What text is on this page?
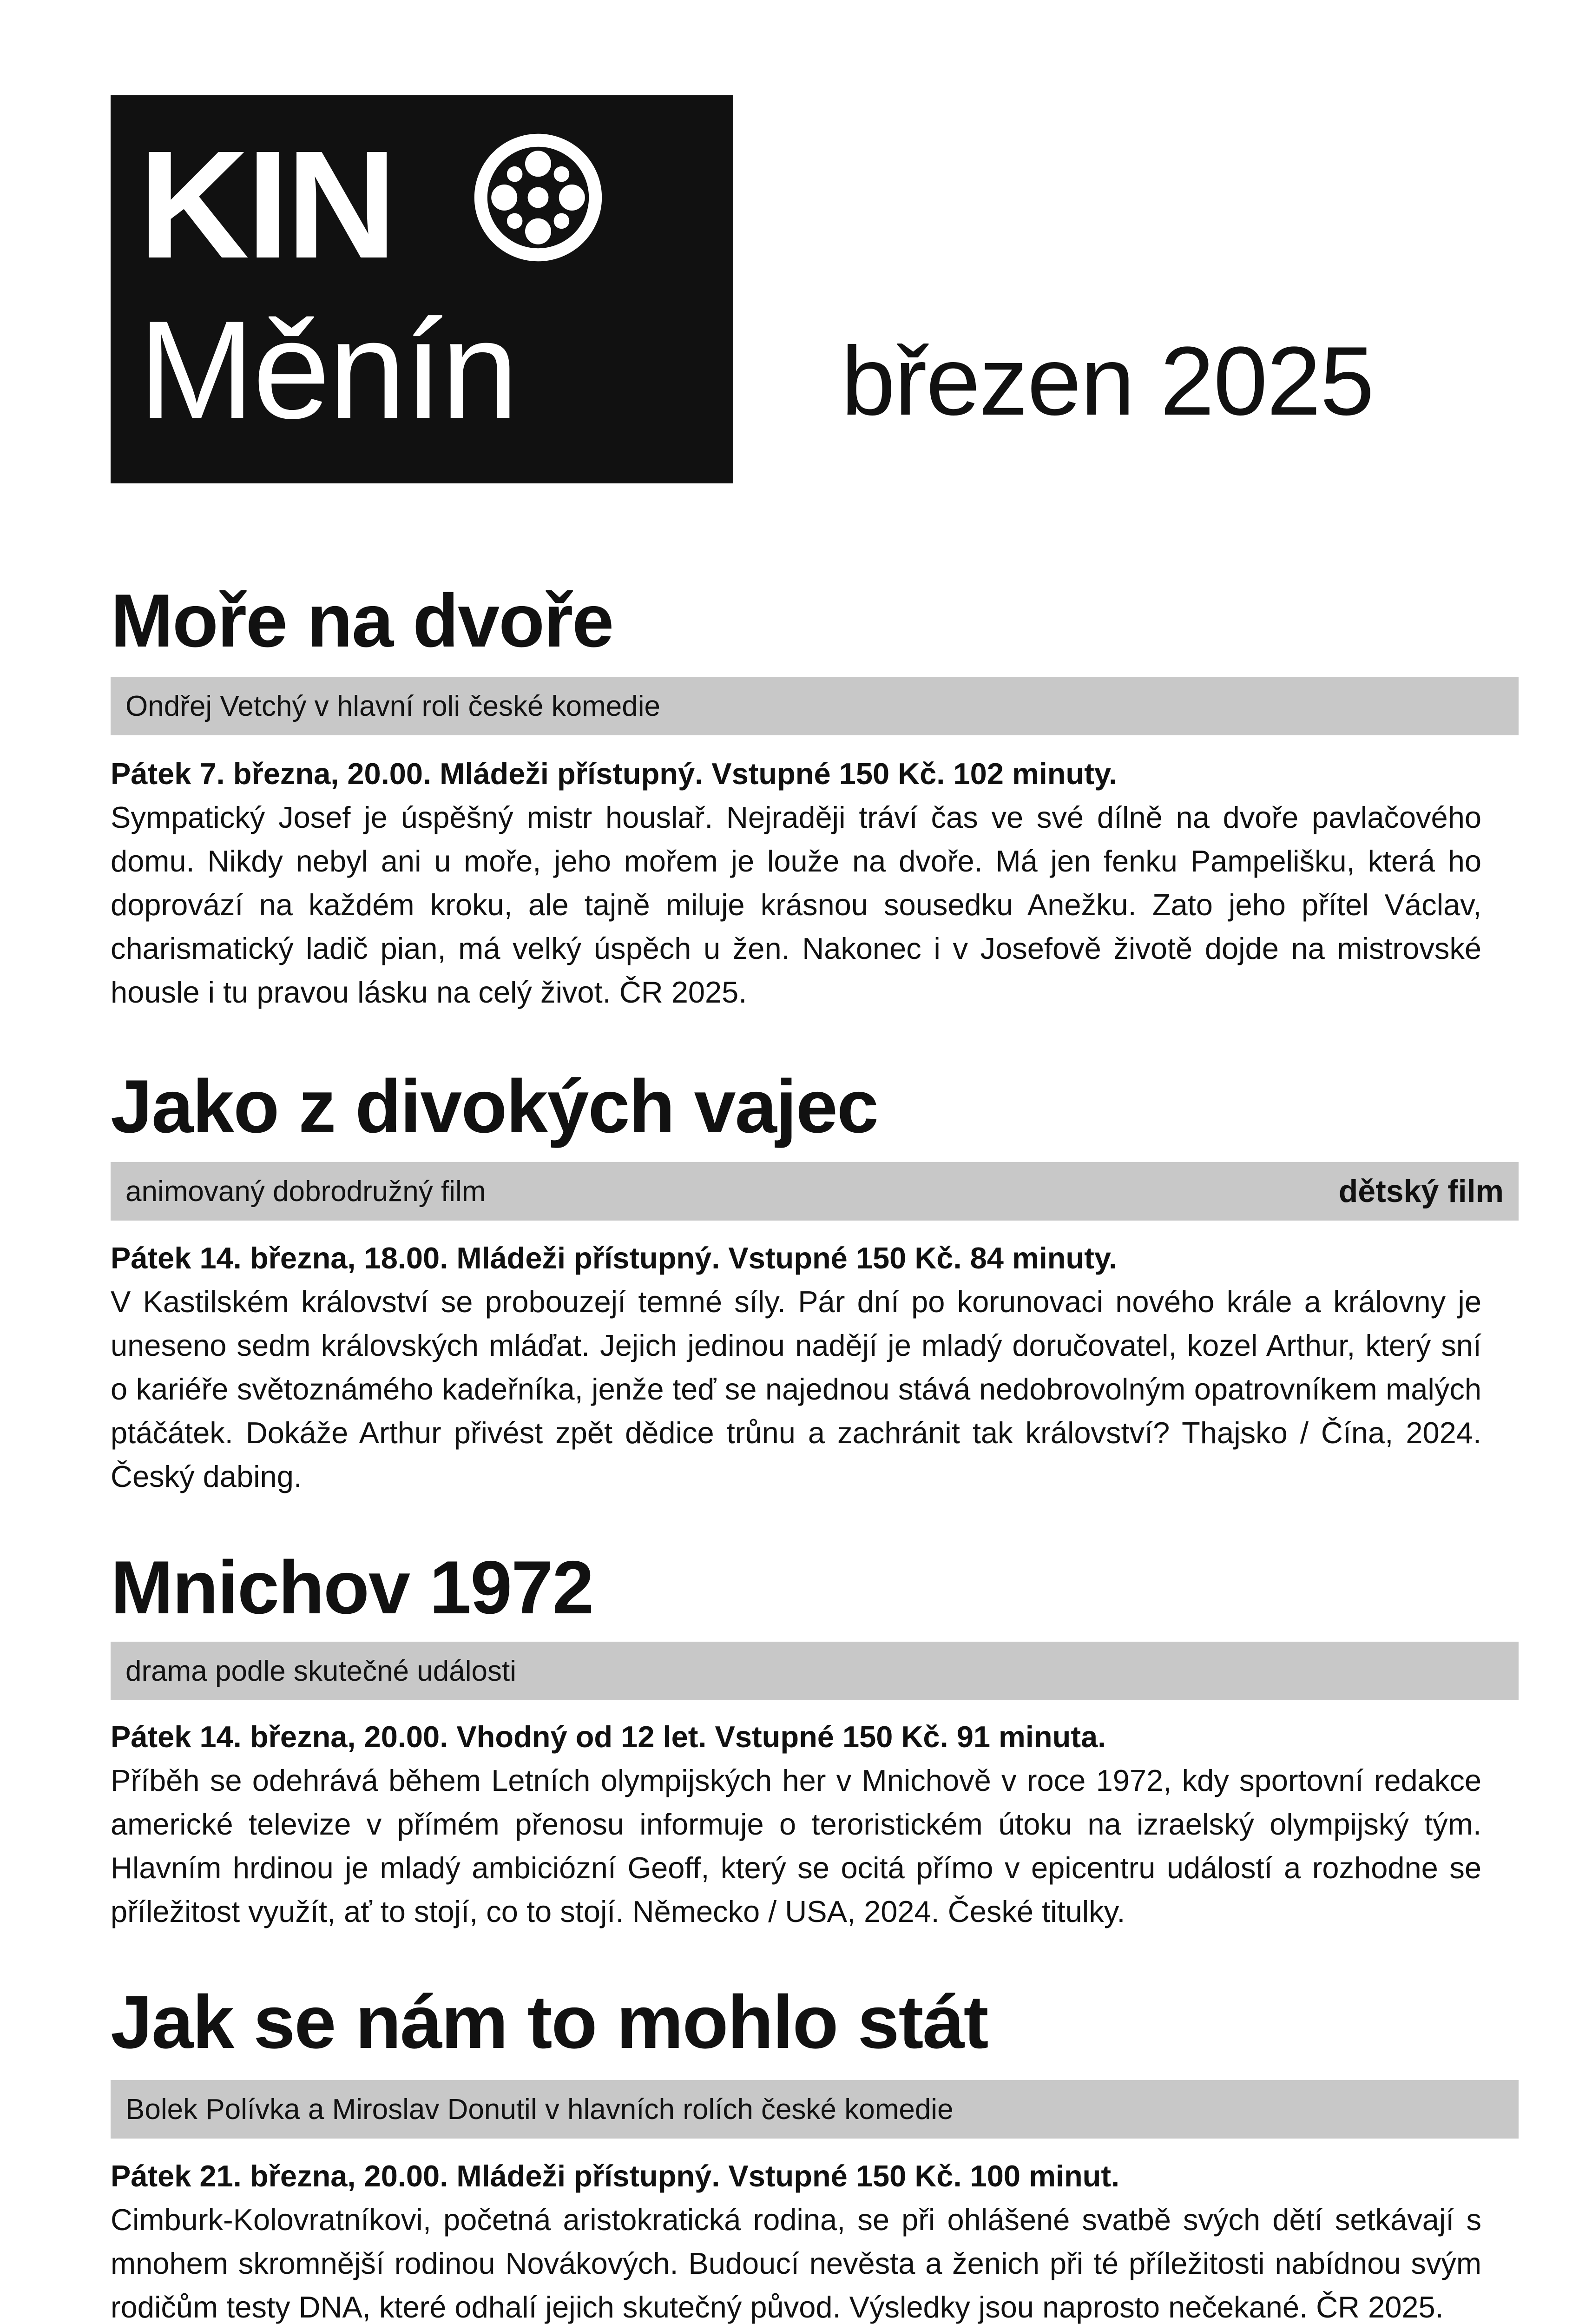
KIN
Měnín	březen 2025
Moře na dvoře
Ondřej Vetchý v hlavní roli české komedie

Pátek 7. března, 20.00. Mládeži přístupný. Vstupné 150 Kč. 102 minuty.
Sympatický Josef je úspěšný mistr houslař. Nejraději tráví čas ve své dílně na dvoře pavlačového domu. Nikdy nebyl ani u moře, jeho mořem je louže na dvoře. Má jen fenku Pampelišku, která ho doprovází na každém kroku, ale tajně miluje krásnou sousedku Anežku. Zato jeho přítel Václav, charismatický ladič pian, má velký úspěch u žen. Nakonec i v Josefově životě dojde na mistrovské housle i tu pravou lásku na celý život. ČR 2025.

Jako z divokých vajec
animovaný dobrodružný film	dětský film

Pátek 14. března, 18.00. Mládeži přístupný. Vstupné 150 Kč. 84 minuty.
V Kastilském království se probouzejí temné síly. Pár dní po korunovaci nového krále a královny je uneseno sedm královských mláďat. Jejich jedinou nadějí je mladý doručovatel, kozel Arthur, který sní o kariéře světoznámého kadeřníka, jenže teď se najednou stává nedobrovolným opatrovníkem malých ptáčátek. Dokáže Arthur přivést zpět dědice trůnu a zachránit tak království? Thajsko / Čína, 2024. Český dabing.

Mnichov 1972
drama podle skutečné události

Pátek 14. března, 20.00. Vhodný od 12 let. Vstupné 150 Kč. 91 minuta.
Příběh se odehrává během Letních olympijských her v Mnichově v roce 1972, kdy sportovní redakce americké televize v přímém přenosu informuje o teroristickém útoku na izraelský olympijský tým. Hlavním hrdinou je mladý ambiciózní Geoff, který se ocitá přímo v epicentru událostí a rozhodne se příležitost využít, ať to stojí, co to stojí. Německo / USA, 2024. České titulky.

Jak se nám to mohlo stát
Bolek Polívka a Miroslav Donutil v hlavních rolích české komedie

Pátek 21. března, 20.00. Mládeži přístupný. Vstupné 150 Kč. 100 minut.
Cimburk-Kolovratníkovi, početná aristokratická rodina, se při ohlášené svatbě svých dětí setkávají s mnohem skromnější rodinou Novákových. Budoucí nevěsta a ženich při té příležitosti nabídnou svým rodičům testy DNA, které odhalí jejich skutečný původ. Výsledky jsou naprosto nečekané. ČR 2025.
